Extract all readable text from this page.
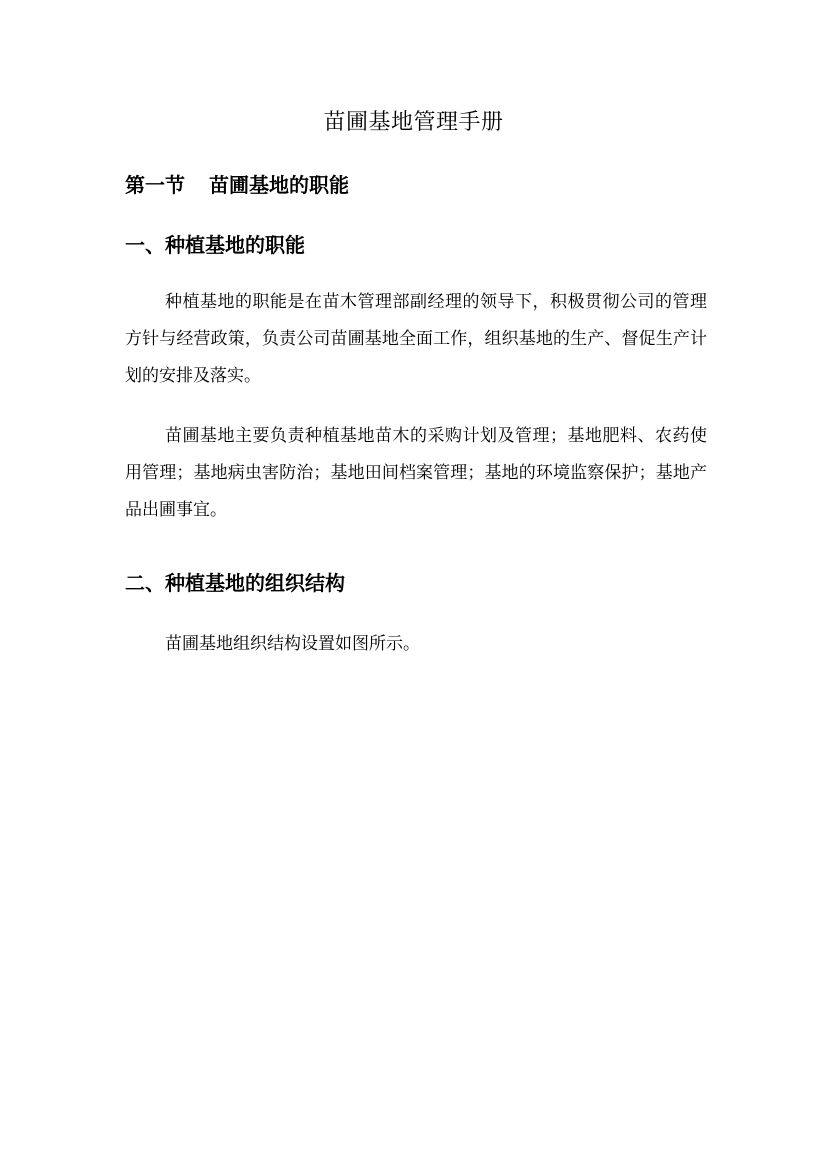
苗圃基地管理手册
第一节 苗圃基地的职能
一、种植基地的职能

种植基地的职能是在苗木管理部副经理的领导下，积极贯彻公司的管理方针与经营政策，负责公司苗圃基地全面工作，组织基地的生产、督促生产计划的安排及落实。

苗圃基地主要负责种植基地苗木的采购计划及管理；基地肥料、农药使用管理；基地病虫害防治；基地田间档案管理；基地的环境监察保护；基地产品出圃事宜。

二、种植基地的组织结构

苗圃基地组织结构设置如图所示。
